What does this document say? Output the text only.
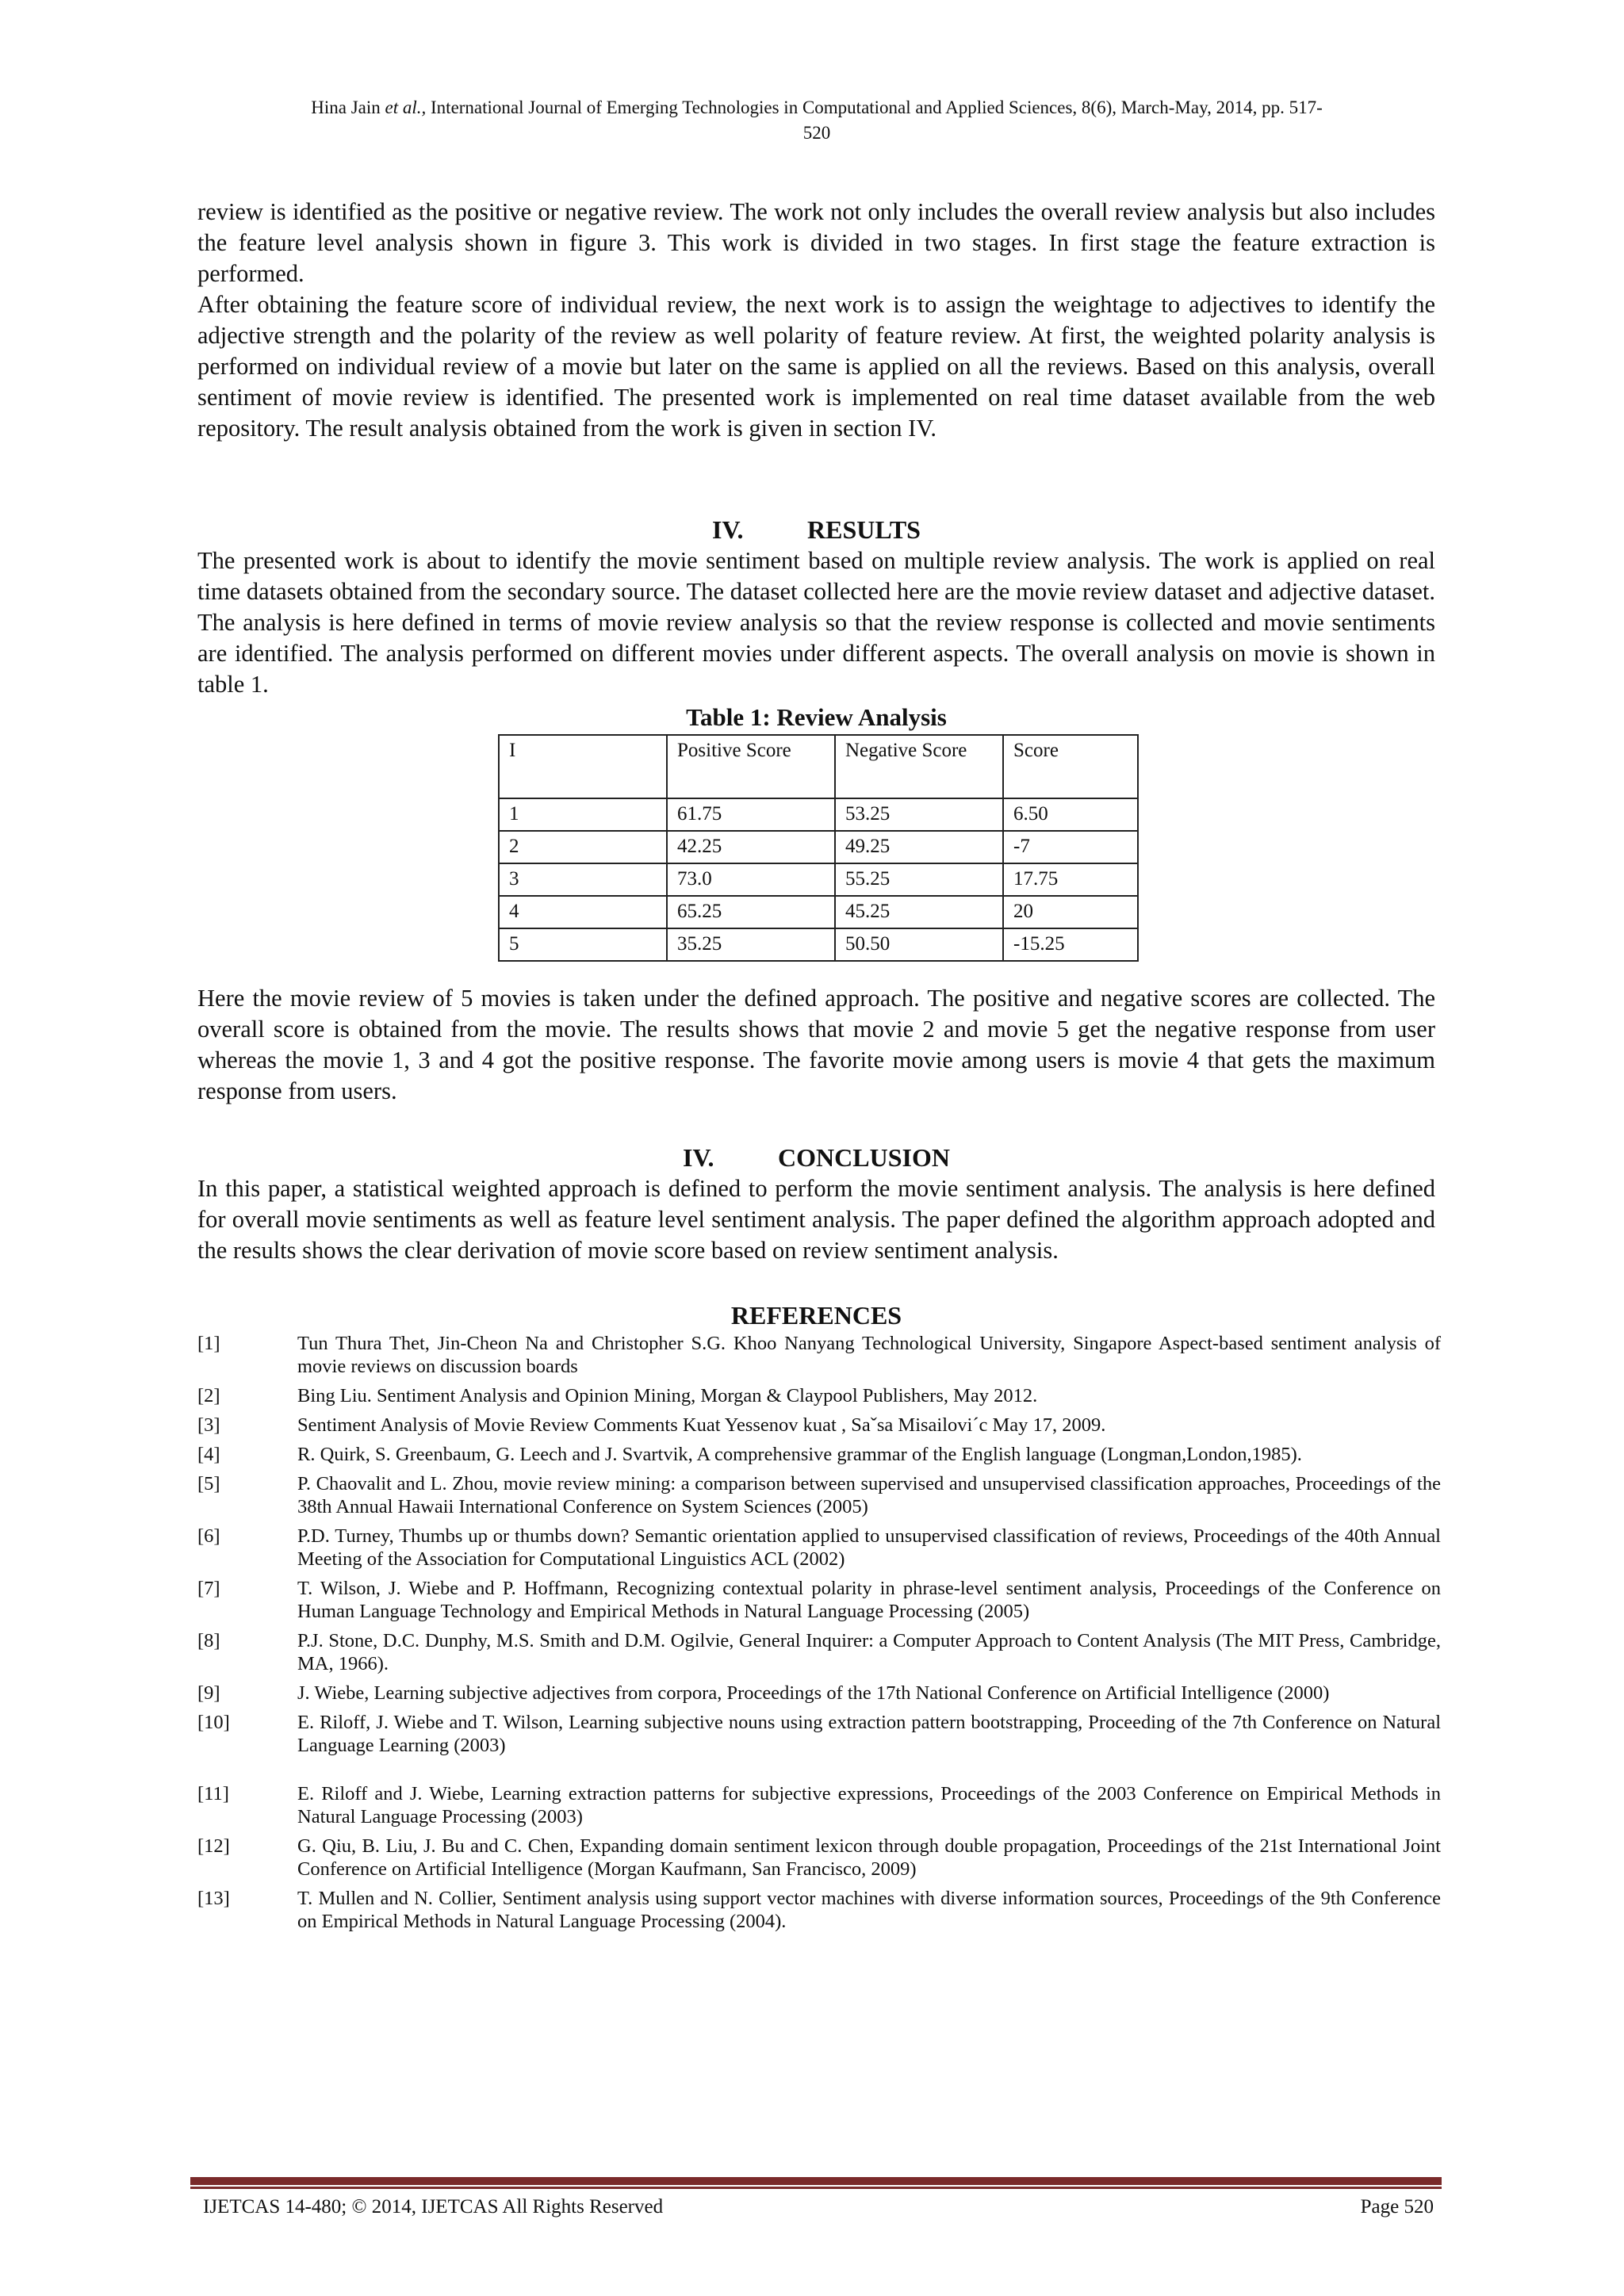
Hina Jain et al., International Journal of Emerging Technologies in Computational and Applied Sciences, 8(6), March-May, 2014, pp. 517-
520

review is identified as the positive or negative review. The work not only includes the overall review analysis but also includes the feature level analysis shown in figure 3. This work is divided in two stages. In first stage the feature extraction is performed.

After obtaining the feature score of individual review, the next work is to assign the weightage to adjectives to identify the adjective strength and the polarity of the review as well polarity of feature review. At first, the weighted polarity analysis is performed on individual review of a movie but later on the same is applied on all the reviews. Based on this analysis, overall sentiment of movie review is identified. The presented work is implemented on real time dataset available from the web repository. The result analysis obtained from the work is given in section IV.

IV.	RESULTS

The presented work is about to identify the movie sentiment based on multiple review analysis. The work is applied on real time datasets obtained from the secondary source. The dataset collected here are the movie review dataset and adjective dataset. The analysis is here defined in terms of movie review analysis so that the review response is collected and movie sentiments are identified. The analysis performed on different movies under different aspects. The overall analysis on movie is shown in table 1.

Table 1: Review Analysis
I	Positive Score	Negative Score	Score
1	61.75	53.25	6.50
2	42.25	49.25	-7
3	73.0	55.25	17.75
4	65.25	45.25	20
5	35.25	50.50	-15.25

Here the movie review of 5 movies is taken under the defined approach. The positive and negative scores are collected. The overall score is obtained from the movie. The results shows that movie 2 and movie 5 get the negative response from user whereas the movie 1, 3 and 4 got the positive response. The favorite movie among users is movie 4 that gets the maximum response from users.

IV.	CONCLUSION

In this paper, a statistical weighted approach is defined to perform the movie sentiment analysis. The analysis is here defined for overall movie sentiments as well as feature level sentiment analysis. The paper defined the algorithm approach adopted and the results shows the clear derivation of movie score based on review sentiment analysis.

REFERENCES
[1]	Tun Thura Thet, Jin-Cheon Na and Christopher S.G. Khoo Nanyang Technological University, Singapore Aspect-based sentiment analysis of movie reviews on discussion boards
[2]	Bing Liu. Sentiment Analysis and Opinion Mining, Morgan & Claypool Publishers, May 2012.
[3]	Sentiment Analysis of Movie Review Comments Kuat Yessenov kuat , Saˇsa Misailovi´c May 17, 2009.
[4]	R. Quirk, S. Greenbaum, G. Leech and J. Svartvik, A comprehensive grammar of the English language (Longman,London,1985).
[5]	P. Chaovalit and L. Zhou, movie review mining: a comparison between supervised and unsupervised classification approaches, Proceedings of the 38th Annual Hawaii International Conference on System Sciences (2005)
[6]	P.D. Turney, Thumbs up or thumbs down? Semantic orientation applied to unsupervised classification of reviews, Proceedings of the 40th Annual Meeting of the Association for Computational Linguistics ACL (2002)
[7]	T. Wilson, J. Wiebe and P. Hoffmann, Recognizing contextual polarity in phrase-level sentiment analysis, Proceedings of the Conference on Human Language Technology and Empirical Methods in Natural Language Processing (2005)
[8]	P.J. Stone, D.C. Dunphy, M.S. Smith and D.M. Ogilvie, General Inquirer: a Computer Approach to Content Analysis (The MIT Press, Cambridge, MA, 1966).
[9]	J. Wiebe, Learning subjective adjectives from corpora, Proceedings of the 17th National Conference on Artificial Intelligence (2000)
[10]	E. Riloff, J. Wiebe and T. Wilson, Learning subjective nouns using extraction pattern bootstrapping, Proceeding of the 7th Conference on Natural Language Learning (2003)
[11]	E. Riloff and J. Wiebe, Learning extraction patterns for subjective expressions, Proceedings of the 2003 Conference on Empirical Methods in Natural Language Processing (2003)
[12]	G. Qiu, B. Liu, J. Bu and C. Chen, Expanding domain sentiment lexicon through double propagation, Proceedings of the 21st International Joint Conference on Artificial Intelligence (Morgan Kaufmann, San Francisco, 2009)
[13]	T. Mullen and N. Collier, Sentiment analysis using support vector machines with diverse information sources, Proceedings of the 9th Conference on Empirical Methods in Natural Language Processing (2004).
IJETCAS 14-480; © 2014, IJETCAS All Rights Reserved	Page 520
